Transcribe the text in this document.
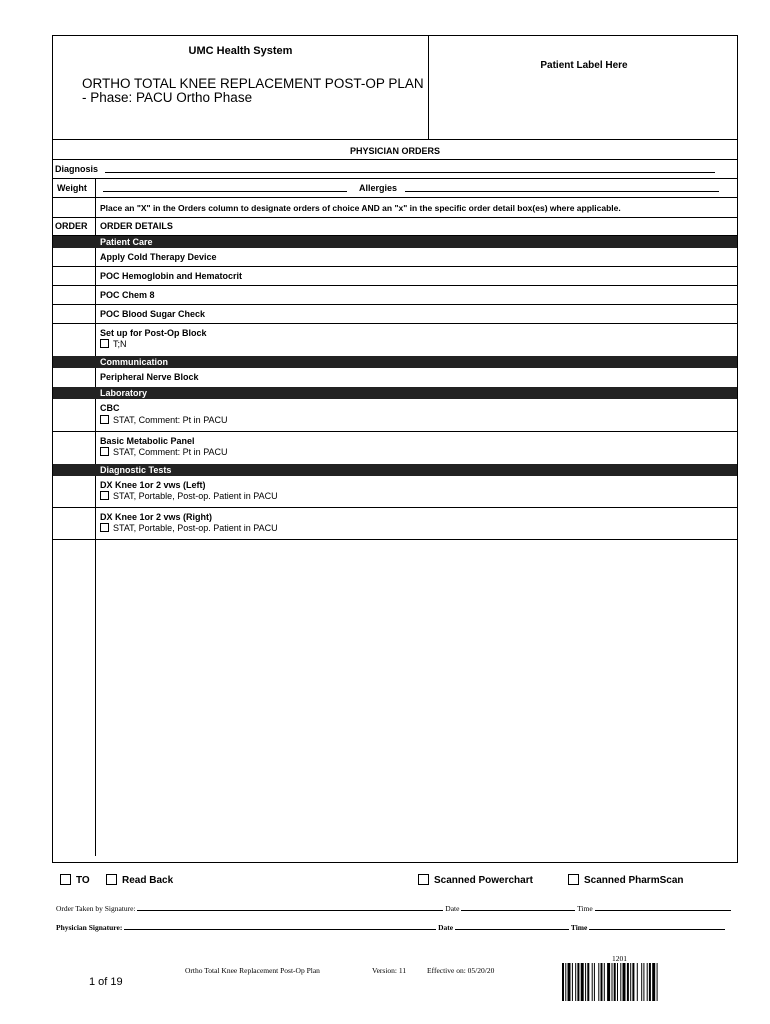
UMC Health System
ORTHO TOTAL KNEE REPLACEMENT POST-OP PLAN
- Phase: PACU Ortho Phase
Patient Label Here
PHYSICIAN ORDERS
Diagnosis
Weight	Allergies
Place an "X" in the Orders column to designate orders of choice AND an "x" in the specific order detail box(es) where applicable.
ORDER ORDER DETAILS
Patient Care
Apply Cold Therapy Device
POC Hemoglobin and Hematocrit
POC Chem 8
POC Blood Sugar Check
Set up for Post-Op Block
T;N
Communication
Peripheral Nerve Block
Laboratory
CBC
STAT, Comment: Pt in PACU
Basic Metabolic Panel
STAT, Comment: Pt in PACU
Diagnostic Tests
DX Knee 1or 2 vws (Left)
STAT, Portable, Post-op. Patient in PACU
DX Knee 1or 2 vws (Right)
STAT, Portable, Post-op. Patient in PACU
TO	Read Back	Scanned Powerchart	Scanned PharmScan
Order Taken by Signature:	Date	Time
Physician Signature:	Date	Time
1 of 19
Ortho Total Knee Replacement Post-Op Plan	Version: 11	Effective on: 05/20/20
1201
